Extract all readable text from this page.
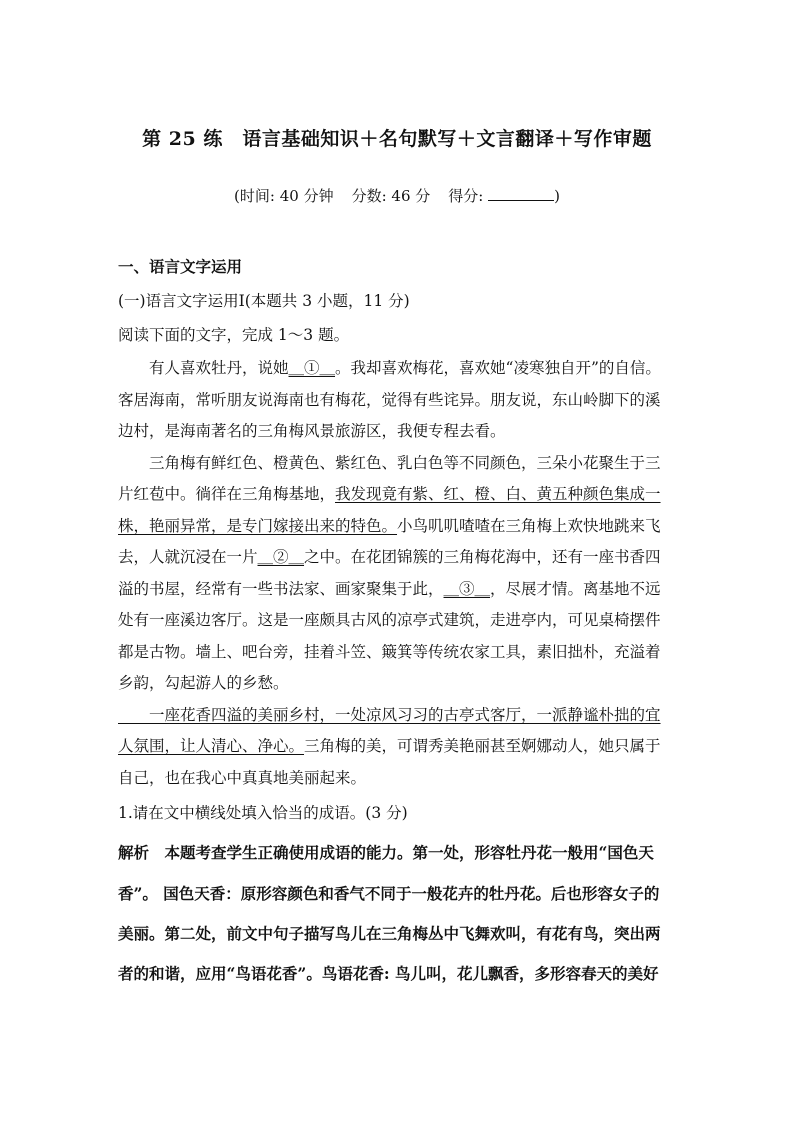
第 25 练　语言基础知识＋名句默写＋文言翻译＋写作审题
(时间: 40 分钟 分数: 46 分 得分:	)
一、语言文字运用
(一)语言文字运用Ⅰ(本题共 3 小题，11 分)
阅读下面的文字，完成 1～3 题。
　　有人喜欢牡丹，说她＿①＿。我却喜欢梅花，喜欢她“凌寒独自开”的自信。
客居海南，常听朋友说海南也有梅花，觉得有些诧异。朋友说，东山岭脚下的溪
边村，是海南著名的三角梅风景旅游区，我便专程去看。
　　三角梅有鲜红色、橙黄色、紫红色、乳白色等不同颜色，三朵小花聚生于三
片红苞中。徜徉在三角梅基地，我发现竟有紫、红、橙、白、黄五种颜色集成一
株，艳丽异常，是专门嫁接出来的特色。小鸟叽叽喳喳在三角梅上欢快地跳来飞
去，人就沉浸在一片＿②＿之中。在花团锦簇的三角梅花海中，还有一座书香四
溢的书屋，经常有一些书法家、画家聚集于此，＿③＿，尽展才情。离基地不远
处有一座溪边客厅。这是一座颇具古风的凉亭式建筑，走进亭内，可见桌椅摆件
都是古物。墙上、吧台旁，挂着斗笠、簸箕等传统农家工具，素旧拙朴，充溢着
乡韵，勾起游人的乡愁。
　　一座花香四溢的美丽乡村，一处凉风习习的古亭式客厅，一派静谧朴拙的宜
人氛围，让人清心、净心。三角梅的美，可谓秀美艳丽甚至婀娜动人，她只属于
自己，也在我心中真真地美丽起来。
1.请在文中横线处填入恰当的成语。(3 分)
解析　本题考查学生正确使用成语的能力。第一处，形容牡丹花一般用“国色天
香”。 国色天香：原形容颜色和香气不同于一般花卉的牡丹花。后也形容女子的
美丽。第二处，前文中句子描写鸟儿在三角梅丛中飞舞欢叫，有花有鸟，突出两
者的和谐，应用“鸟语花香”。鸟语花香: 鸟儿叫，花儿飘香，多形容春天的美好
